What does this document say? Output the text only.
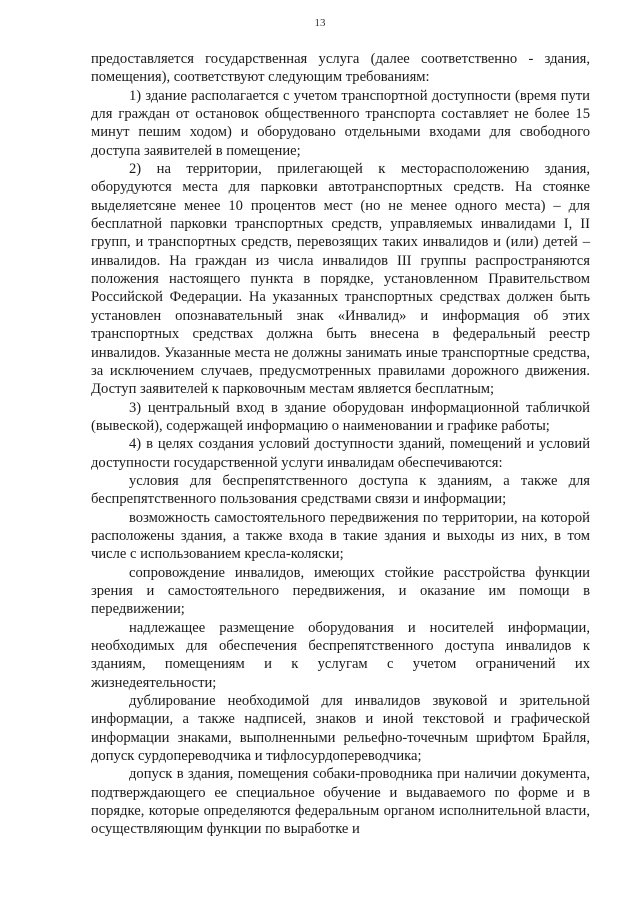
13

предоставляется государственная услуга (далее соответственно - здания, помещения), соответствуют следующим требованиям:

1) здание располагается с учетом транспортной доступности (время пути для граждан от остановок общественного транспорта составляет не более 15 минут пешим ходом) и оборудовано отдельными входами для свободного доступа заявителей в помещение;

2) на территории, прилегающей к месторасположению здания, оборудуются места для парковки автотранспортных средств. На стоянке выделяетсяне менее 10 процентов мест (но не менее одного места) – для бесплатной парковки транспортных средств, управляемых инвалидами I, II групп, и транспортных средств, перевозящих таких инвалидов и (или) детей – инвалидов. На граждан из числа инвалидов III группы распространяются положения настоящего пункта в порядке, установленном Правительством Российской Федерации. На указанных транспортных средствах должен быть установлен опознавательный знак «Инвалид» и информация об этих транспортных средствах должна быть внесена в федеральный реестр инвалидов. Указанные места не должны занимать иные транспортные средства, за исключением случаев, предусмотренных правилами дорожного движения. Доступ заявителей к парковочным местам является бесплатным;

3) центральный вход в здание оборудован информационной табличкой (вывеской), содержащей информацию о наименовании и графике работы;

4) в целях создания условий доступности зданий, помещений и условий доступности государственной услуги инвалидам обеспечиваются:

условия для беспрепятственного доступа к зданиям, а также для беспрепятственного пользования средствами связи и информации;

возможность самостоятельного передвижения по территории, на которой расположены здания, а также входа в такие здания и выходы из них, в том числе с использованием кресла-коляски;

сопровождение инвалидов, имеющих стойкие расстройства функции зрения и самостоятельного передвижения, и оказание им помощи в передвижении;

надлежащее размещение оборудования и носителей информации, необходимых для обеспечения беспрепятственного доступа инвалидов к зданиям, помещениям и к услугам с учетом ограничений их жизнедеятельности;

дублирование необходимой для инвалидов звуковой и зрительной информации, а также надписей, знаков и иной текстовой и графической информации знаками, выполненными рельефно-точечным шрифтом Брайля, допуск сурдопереводчика и тифлосурдопереводчика;

допуск в здания, помещения собаки-проводника при наличии документа, подтверждающего ее специальное обучение и выдаваемого по форме и в порядке, которые определяются федеральным органом исполнительной власти, осуществляющим функции по выработке и
